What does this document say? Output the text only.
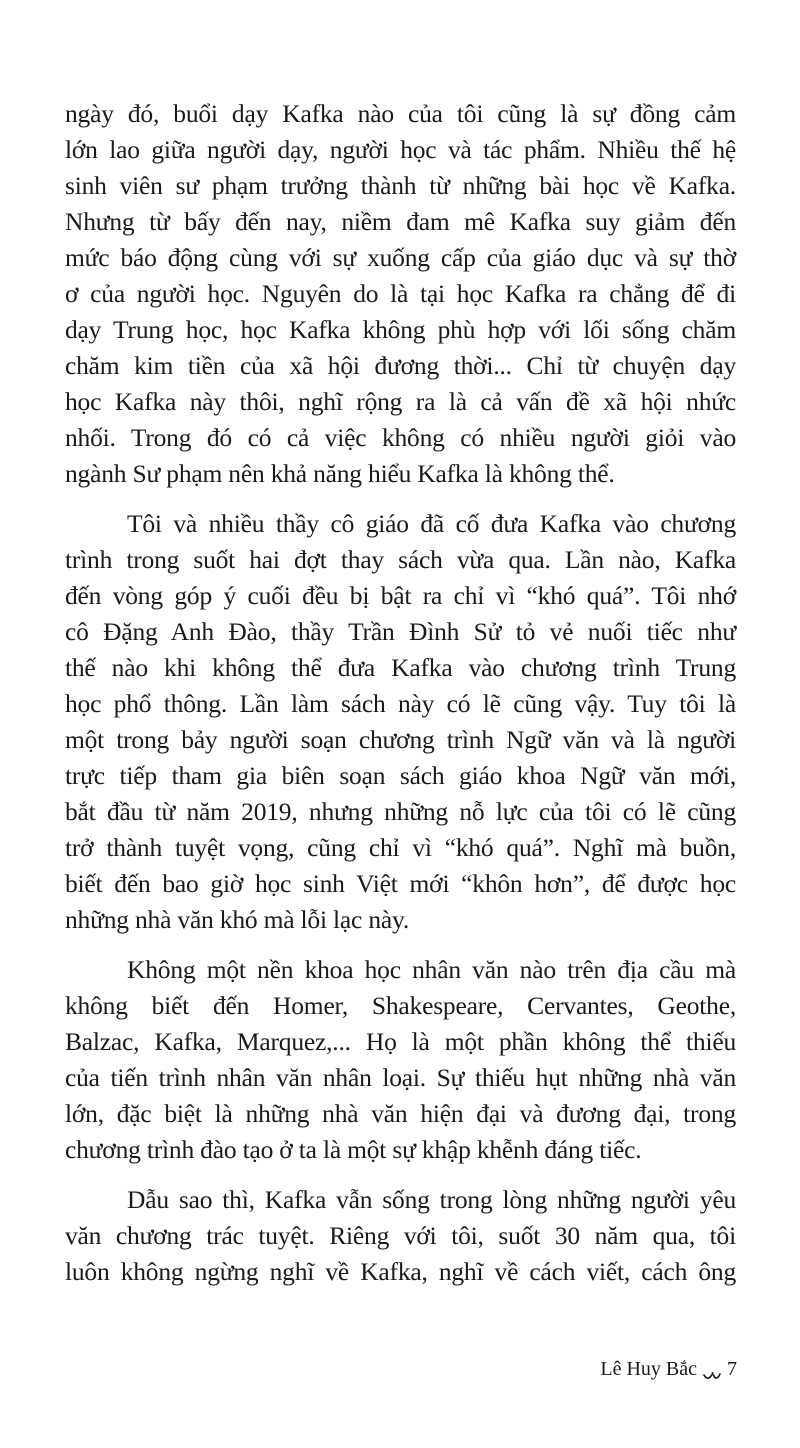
ngày đó, buổi dạy Kafka nào của tôi cũng là sự đồng cảm
lớn lao giữa người dạy, người học và tác phẩm. Nhiều thế hệ
sinh viên sư phạm trưởng thành từ những bài học về Kafka.
Nhưng từ bấy đến nay, niềm đam mê Kafka suy giảm đến
mức báo động cùng với sự xuống cấp của giáo dục và sự thờ
ơ của người học. Nguyên do là tại học Kafka ra chẳng để đi
dạy Trung học, học Kafka không phù hợp với lối sống chăm
chăm kim tiền của xã hội đương thời... Chỉ từ chuyện dạy
học Kafka này thôi, nghĩ rộng ra là cả vấn đề xã hội nhức
nhối. Trong đó có cả việc không có nhiều người giỏi vào
ngành Sư phạm nên khả năng hiểu Kafka là không thể.

Tôi và nhiều thầy cô giáo đã cố đưa Kafka vào chương
trình trong suốt hai đợt thay sách vừa qua. Lần nào, Kafka
đến vòng góp ý cuối đều bị bật ra chỉ vì “khó quá”. Tôi nhớ
cô Đặng Anh Đào, thầy Trần Đình Sử tỏ vẻ nuối tiếc như
thế nào khi không thể đưa Kafka vào chương trình Trung
học phổ thông. Lần làm sách này có lẽ cũng vậy. Tuy tôi là
một trong bảy người soạn chương trình Ngữ văn và là người
trực tiếp tham gia biên soạn sách giáo khoa Ngữ văn mới,
bắt đầu từ năm 2019, nhưng những nỗ lực của tôi có lẽ cũng
trở thành tuyệt vọng, cũng chỉ vì “khó quá”. Nghĩ mà buồn,
biết đến bao giờ học sinh Việt mới “khôn hơn”, để được học
những nhà văn khó mà lỗi lạc này.

Không một nền khoa học nhân văn nào trên địa cầu mà
không biết đến Homer, Shakespeare, Cervantes, Geothe,
Balzac, Kafka, Marquez,... Họ là một phần không thể thiếu
của tiến trình nhân văn nhân loại. Sự thiếu hụt những nhà văn
lớn, đặc biệt là những nhà văn hiện đại và đương đại, trong
chương trình đào tạo ở ta là một sự khập khễnh đáng tiếc.

Dẫu sao thì, Kafka vẫn sống trong lòng những người yêu
văn chương trác tuyệt. Riêng với tôi, suốt 30 năm qua, tôi
luôn không ngừng nghĩ về Kafka, nghĩ về cách viết, cách ông

Lê Huy Bắc 7
